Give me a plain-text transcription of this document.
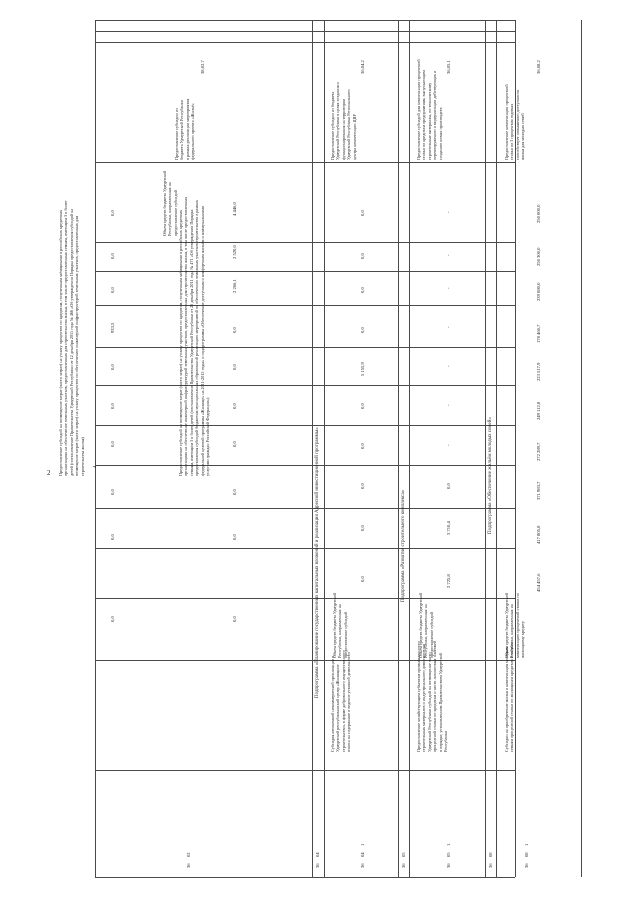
2
36
02
4
Предоставление субсидий на возмещение затрат (части затрат) на уплату процентов по кредитам, полученным заёмщиками в российских кредитных организациях на обеспечение земельных участков, предоставленных для строительства жилья, в том числе предоставленных семьям, имеющим 3 и более детей (постановление Правительства Удмуртской Республики от 12 декабря 2011 года № 466 «Об утверждении Порядка предоставления субсидий на возмещение затрат (части затрат) на уплату процентов по обеспечению инженерной инфраструктурой земельных участков, предоставленных для строительства жилья)	Предоставление субсидий на возмещение затрат (части затрат) на уплату процентов по кредитам, полученным заёмщиками в российских кредитных организациях на обеспечение инженерной инфраструктурой земельных участков, предоставленных для строительства жилья, в том числе предоставленных семьям, имеющим 3 и более детей (постановление Правительства Удмуртской Республики от 26 декабря 2011 года № 471 «Об утверждении Порядка предоставления субсидий бюджетам муниципальных образований реализацию мероприятий по обеспечению земельных участков строительство в рамках федеральной целевой программы «Жилище» на 2011-2015 годы» и подпрограммы «Обеспечение доступным и комфортным жильём и коммунальными услугами граждан Российской Федерации»)
Объем средств бюджета Удмуртской Республики, направленных на предоставление субсидий
0,0
0,0
0,0
0,0
0,0
0,0
933,5
0,0
0,0
0,0
0,0
0,0
0,0
0,0
0,0
0,0
0,0
2 266,1
2 520,0
4 446,0
Предоставление субсидии из бюджета Удмуртской Республики в рамках реализации мероприятия федерального проекта «Жильё»
38,02.7
36
04
Подпрограмма «Планирование государственных капитальных вложений и реализация Адресной инвестиционной программы»
36
04
1
Субсидия автономной некоммерческой организации в Удмуртской республиканский центр «Жилищное строительство» в форме добровольного имущественного взноса на содержание и ведение уставной деятельности
Объем средств бюджета Удмуртской Республики, направленных на предоставление субсидий
0,0
0,0
0,0
0,0
0,0
5 155,9
0,0
0,0
0,0
0,0
Предоставление субсидии из бюджета Удмуртской Республики в целях создания и функционирования на территории Удмуртской Республики Регионального центра компетенции ЦИР
36,04.2
36
05
Подпрограмма «Развитие строительного комплекса»
36
05
1
Предоставление хозяйствующим субъектам промышленности строительных материалов и индустриального домостроения Удмуртской Республики субсидий на возмещение части процентной ставки по кредитам и части лизинговых платежей в порядке, установленном Правительством Удмуртской Республики
Объем средств бюджета Удмуртской Республики, направленных на предоставление субсидий
2 725,8
3 710,4
0,0
-
-
-
-
-
-
-
Предоставление субсидий для компенсации процентной ставки по кредитам предприятиям, выпускающим строительные материалы, по техническому перевооружению и модернизации действующих и созданию новых производств
36,05.1
36
08
Подпрограмма «Обеспечение жильём молодых семей»
36
08
1
Субсидии на приобретение жилья и компенсация молодым семьям процентной ставки по жилищным кредитам и займам
Объем средств бюджета Удмуртской Республики, направленных на компенсацию процентной ставки по жилищному кредиту
454 457,6
417 805,8
371 983,7
272 289,7
249 112,8
223 517,9
178 466,7
239 080,0
250 300,0
250 000,0
Предоставление компенсации процентной ставки по 3 процентам годовых способствует повышению доступности жилья для молодых семей
36,08.2
